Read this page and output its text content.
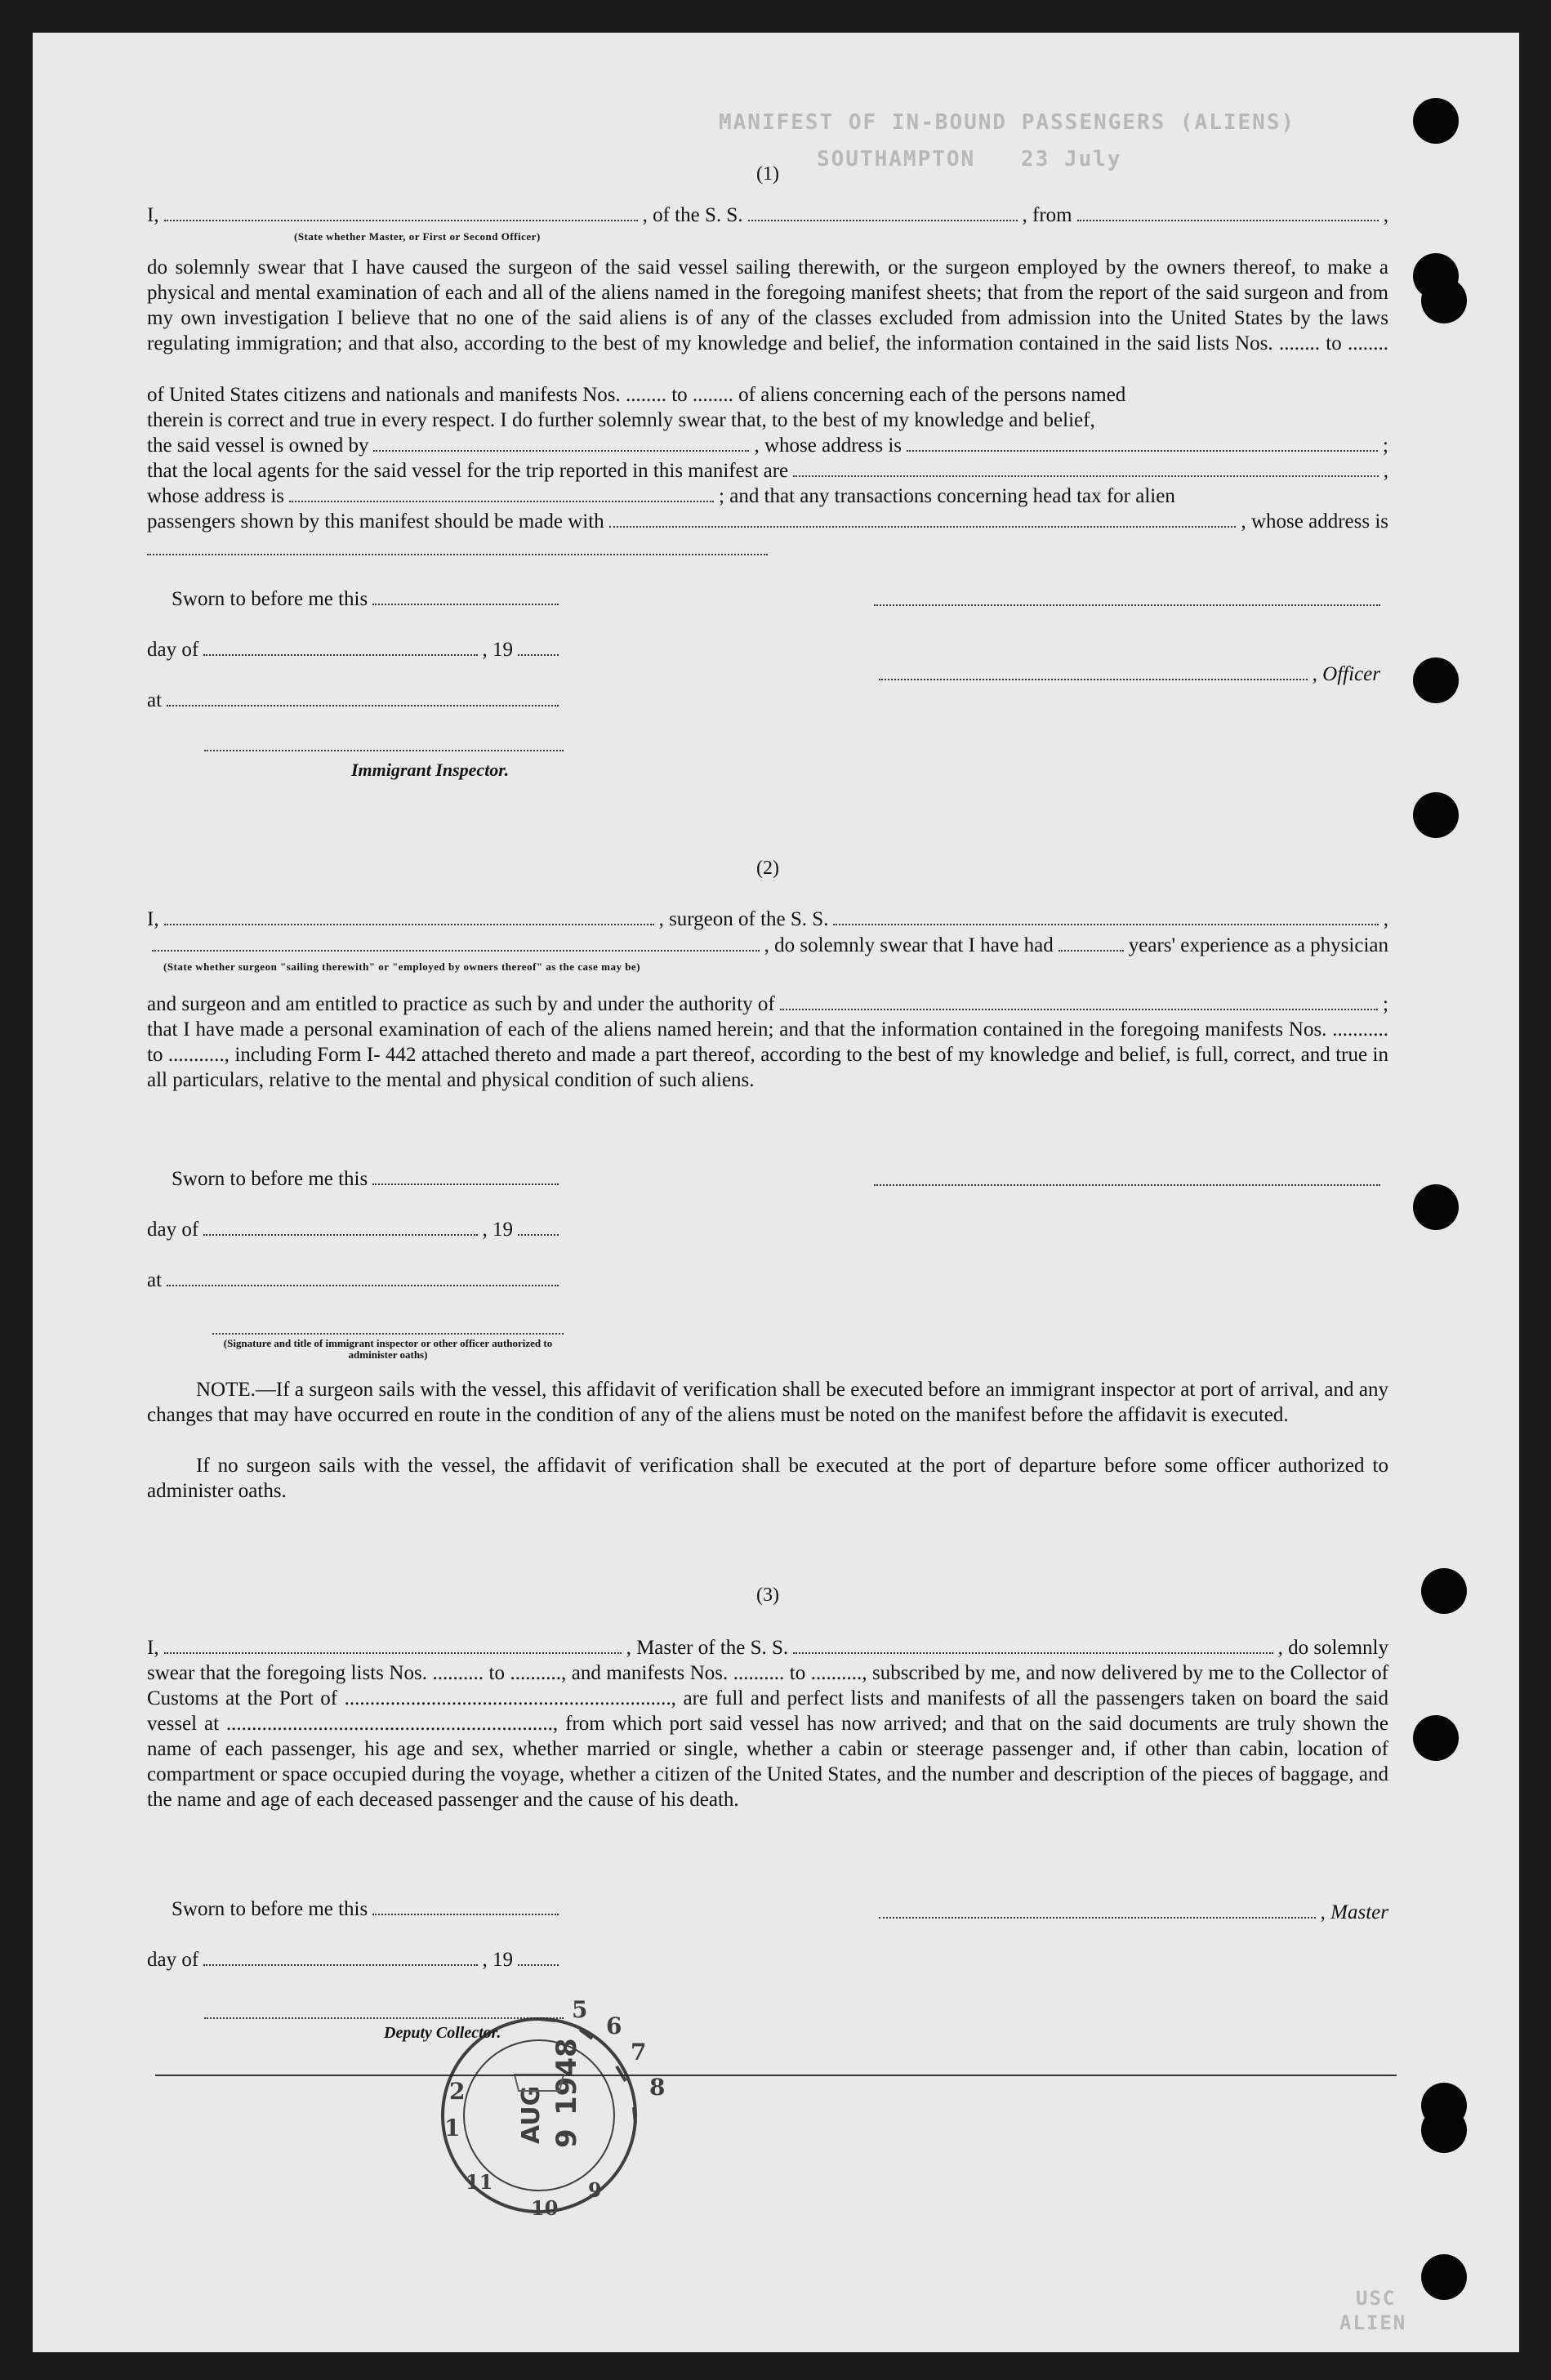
MANIFEST OF IN-BOUND PASSENGERS (ALIENS)
SOUTHAMPTON 23 July
(1)
I,	, of the S. S.	, from	,
(State whether Master, or First or Second Officer)

do solemnly swear that I have caused the surgeon of the said vessel sailing therewith, or the surgeon employed by the owners thereof, to make a physical and mental examination of each and all of the aliens named in the foregoing manifest sheets; that from the report of the said surgeon and from my own investigation I believe that no one of the said aliens is of any of the classes excluded from admission into the United States by the laws regulating immigration; and that also, according to the best of my knowledge and belief, the information contained in the said lists Nos. ........ to ........

of United States citizens and nationals and manifests Nos. ........ to ........ of aliens concerning each of the persons named
therein is correct and true in every respect. I do further solemnly swear that, to the best of my knowledge and belief,
the said vessel is owned by	, whose address is	;
that the local agents for the said vessel for the trip reported in this manifest are	,
whose address is	; and that any transactions concerning head tax for alien
passengers shown by this manifest should be made with	, whose address is
Sworn to before me this
day of	, 19
, Officer
at
Immigrant Inspector.
(2)
I,	, surgeon of the S. S.	,
, do solemnly swear that I have had	years' experience as a physician
(State whether surgeon "sailing therewith" or "employed by owners thereof" as the case may be)
and surgeon and am entitled to practice as such by and under the authority of	;

that I have made a personal examination of each of the aliens named herein; and that the information contained in the foregoing manifests Nos. ........... to ..........., including Form I- 442 attached thereto and made a part thereof, according to the best of my knowledge and belief, is full, correct, and true in all particulars, relative to the mental and physical condition of such aliens.

Sworn to before me this
day of	, 19
at
(Signature and title of immigrant inspector or other officer authorized to administer oaths)

NOTE.—If a surgeon sails with the vessel, this affidavit of verification shall be executed before an immigrant inspector at port of arrival, and any changes that may have occurred en route in the condition of any of the aliens must be noted on the manifest before the affidavit is executed.

If no surgeon sails with the vessel, the affidavit of verification shall be executed at the port of departure before some officer authorized to administer oaths.

(3)
I,	, Master of the S. S.	, do solemnly

swear that the foregoing lists Nos. .......... to .........., and manifests Nos. .......... to .........., subscribed by me, and now delivered by me to the Collector of Customs at the Port of ................................................................, are full and perfect lists and manifests of all the passengers taken on board the said vessel at ................................................................, from which port said vessel has now arrived; and that on the said documents are truly shown the name of each passenger, his age and sex, whether married or single, whether a cabin or steerage passenger and, if other than cabin, location of compartment or space occupied during the voyage, whether a citizen of the United States, and the number and description of the pieces of baggage, and the name and age of each deceased passenger and the cause of his death.

Sworn to before me this	, Master
day of	, 19
Deputy Collector.
5
6
7
8
2
1
11
10
9
AUG 9
1948
USC
ALIEN
